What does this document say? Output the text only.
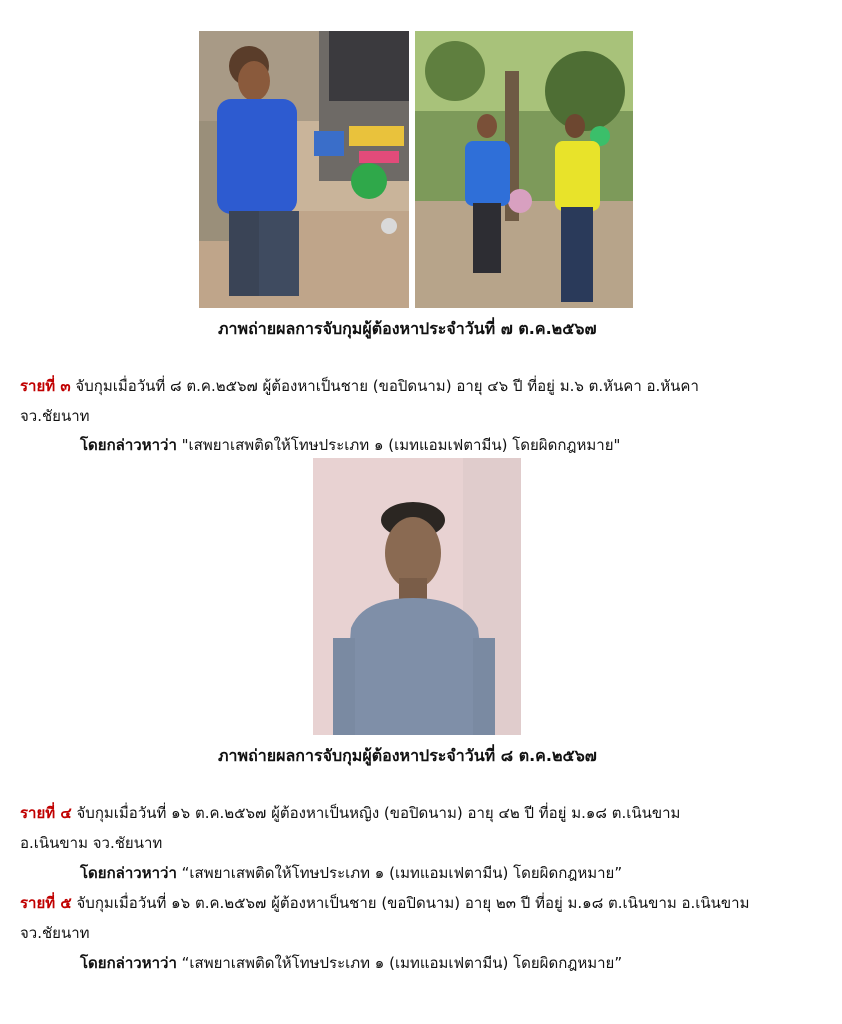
ภาพถ่ายผลการจับกุมผู้ต้องหาประจำวันที่ ๗ ต.ค.๒๕๖๗
รายที่ ๓ จับกุมเมื่อวันที่ ๘ ต.ค.๒๕๖๗ ผู้ต้องหาเป็นชาย (ขอปิดนาม) อายุ ๔๖ ปี ที่อยู่ ม.๖ ต.หันคา อ.หันคา
จว.ชัยนาท
โดยกล่าวหาว่า "เสพยาเสพติดให้โทษประเภท ๑ (เมทแอมเฟตามีน) โดยผิดกฎหมาย"
ภาพถ่ายผลการจับกุมผู้ต้องหาประจำวันที่ ๘ ต.ค.๒๕๖๗
รายที่ ๔ จับกุมเมื่อวันที่ ๑๖ ต.ค.๒๕๖๗ ผู้ต้องหาเป็นหญิง (ขอปิดนาม) อายุ ๔๒ ปี ที่อยู่ ม.๑๘ ต.เนินขาม
อ.เนินขาม จว.ชัยนาท
โดยกล่าวหาว่า “เสพยาเสพติดให้โทษประเภท ๑ (เมทแอมเฟตามีน) โดยผิดกฎหมาย”
รายที่ ๕ จับกุมเมื่อวันที่ ๑๖ ต.ค.๒๕๖๗ ผู้ต้องหาเป็นชาย (ขอปิดนาม) อายุ ๒๓ ปี ที่อยู่ ม.๑๘ ต.เนินขาม อ.เนินขาม
จว.ชัยนาท
โดยกล่าวหาว่า “เสพยาเสพติดให้โทษประเภท ๑ (เมทแอมเฟตามีน) โดยผิดกฎหมาย”
